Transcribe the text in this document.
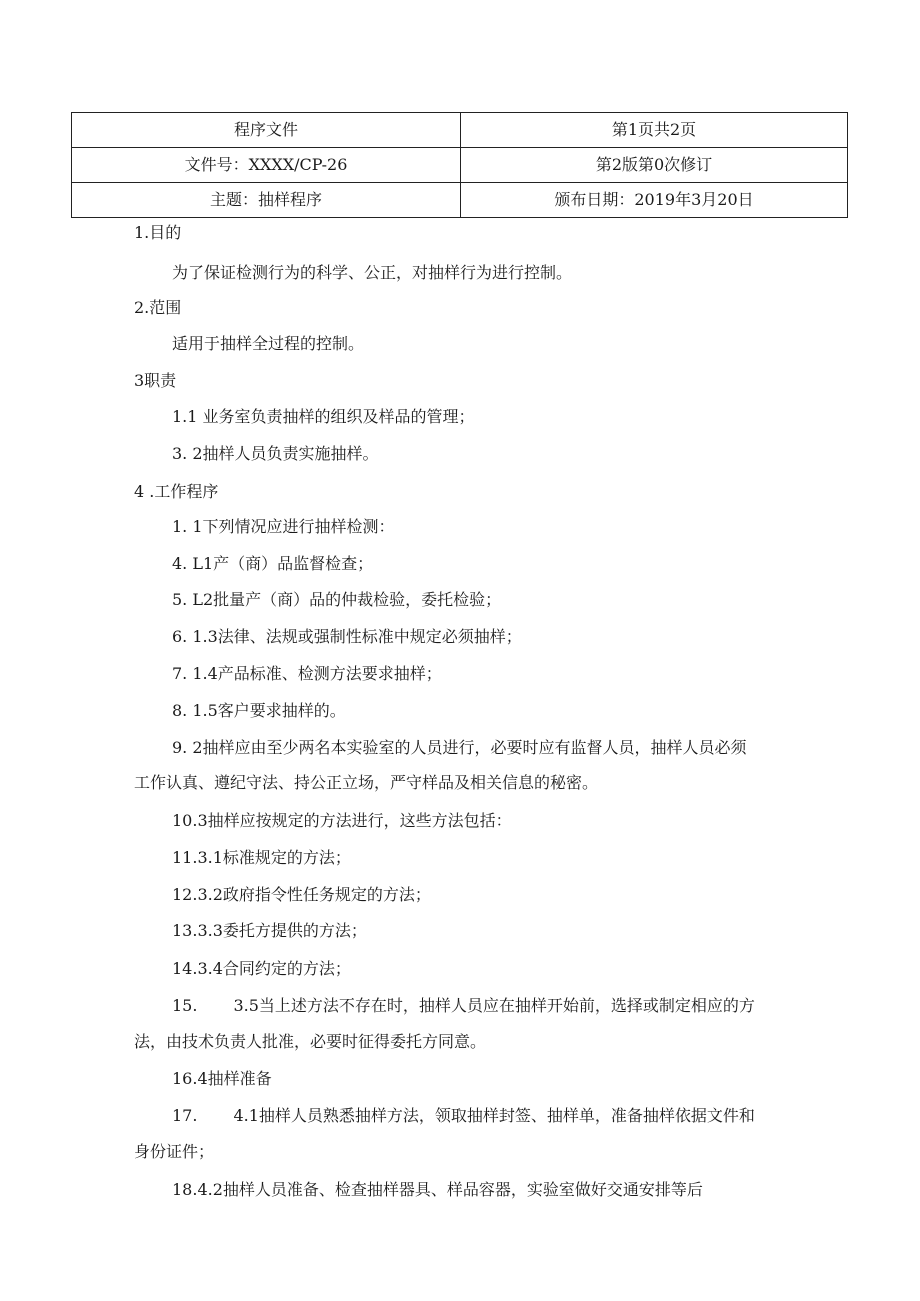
程序文件	第1页共2页
文件号：XXXX/CP-26	第2版第0次修订
主题：抽样程序	颁布日期：2019年3月20日
1.目的
为了保证检测行为的科学、公正，对抽样行为进行控制。
2.范围
适用于抽样全过程的控制。
3职责
1.1 业务室负责抽样的组织及样品的管理；
3. 2抽样人员负责实施抽样。
4 .工作程序
1. 1下列情况应进行抽样检测：
4. L1产（商）品监督检查；
5. L2批量产（商）品的仲裁检验，委托检验；
6. 1.3法律、法规或强制性标准中规定必须抽样；
7. 1.4产品标准、检测方法要求抽样；
8. 1.5客户要求抽样的。
9. 2抽样应由至少两名本实验室的人员进行，必要时应有监督人员，抽样人员必须
工作认真、遵纪守法、持公正立场，严守样品及相关信息的秘密。
10.3抽样应按规定的方法进行，这些方法包括：
11.3.1标准规定的方法；
12.3.2政府指令性任务规定的方法；
13.3.3委托方提供的方法；
14.3.4合同约定的方法；
15. 3.5当上述方法不存在时，抽样人员应在抽样开始前，选择或制定相应的方
法，由技术负责人批准，必要时征得委托方同意。
16.4抽样准备
17. 4.1抽样人员熟悉抽样方法，领取抽样封签、抽样单，准备抽样依据文件和
身份证件；
18.4.2抽样人员准备、检查抽样器具、样品容器，实验室做好交通安排等后
